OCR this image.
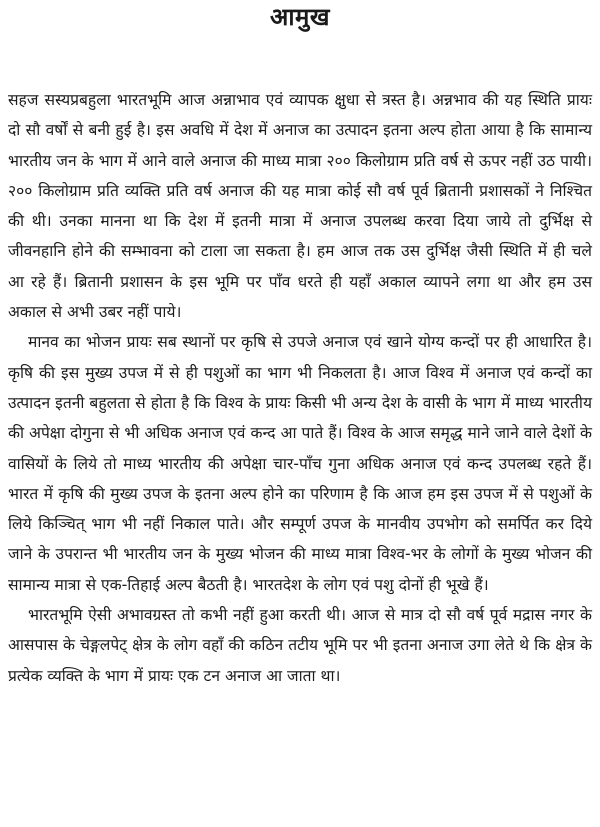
आमुख

सहज सस्यप्रबहुला भारतभूमि आज अन्नाभाव एवं व्यापक क्षुधा से त्रस्त है। अन्नभाव की यह स्थिति प्रायः दो सौ वर्षों से बनी हुई है। इस अवधि में देश में अनाज का उत्पादन इतना अल्प होता आया है कि सामान्य भारतीय जन के भाग में आने वाले अनाज की माध्य मात्रा २०० किलोग्राम प्रति वर्ष से ऊपर नहीं उठ पायी। २०० किलोग्राम प्रति व्यक्ति प्रति वर्ष अनाज की यह मात्रा कोई सौ वर्ष पूर्व ब्रितानी प्रशासकों ने निश्चित की थी। उनका मानना था कि देश में इतनी मात्रा में अनाज उपलब्ध करवा दिया जाये तो दुर्भिक्ष से जीवनहानि होने की सम्भावना को टाला जा सकता है। हम आज तक उस दुर्भिक्ष जैसी स्थिति में ही चले आ रहे हैं। ब्रितानी प्रशासन के इस भूमि पर पाँव धरते ही यहाँ अकाल व्यापने लगा था और हम उस अकाल से अभी उबर नहीं पाये।

मानव का भोजन प्रायः सब स्थानों पर कृषि से उपजे अनाज एवं खाने योग्य कन्दों पर ही आधारित है। कृषि की इस मुख्य उपज में से ही पशुओं का भाग भी निकलता है। आज विश्व में अनाज एवं कन्दों का उत्पादन इतनी बहुलता से होता है कि विश्व के प्रायः किसी भी अन्य देश के वासी के भाग में माध्य भारतीय की अपेक्षा दोगुना से भी अधिक अनाज एवं कन्द आ पाते हैं। विश्व के आज समृद्ध माने जाने वाले देशों के वासियों के लिये तो माध्य भारतीय की अपेक्षा चार-पाँच गुना अधिक अनाज एवं कन्द उपलब्ध रहते हैं। भारत में कृषि की मुख्य उपज के इतना अल्प होने का परिणाम है कि आज हम इस उपज में से पशुओं के लिये किञ्चित् भाग भी नहीं निकाल पाते। और सम्पूर्ण उपज के मानवीय उपभोग को समर्पित कर दिये जाने के उपरान्त भी भारतीय जन के मुख्य भोजन की माध्य मात्रा विश्व-भर के लोगों के मुख्य भोजन की सामान्य मात्रा से एक-तिहाई अल्प बैठती है। भारतदेश के लोग एवं पशु दोनों ही भूखे हैं।

भारतभूमि ऐसी अभावग्रस्त तो कभी नहीं हुआ करती थी। आज से मात्र दो सौ वर्ष पूर्व मद्रास नगर के आसपास के चेङ्गलपेट् क्षेत्र के लोग वहाँ की कठिन तटीय भूमि पर भी इतना अनाज उगा लेते थे कि क्षेत्र के प्रत्येक व्यक्ति के भाग में प्रायः एक टन अनाज आ जाता था।
